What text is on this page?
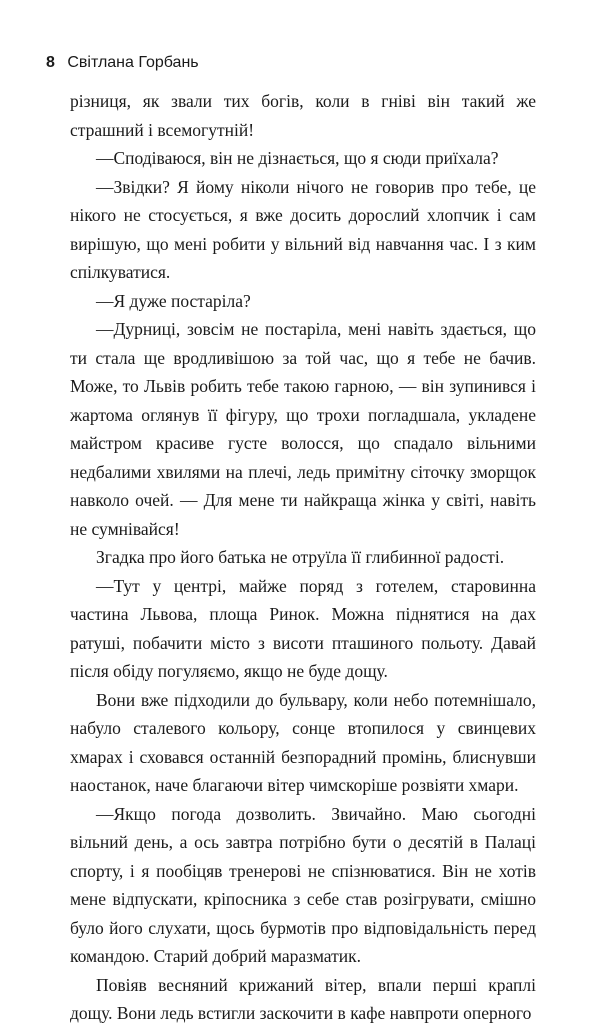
8 Світлана Горбань

різниця, як звали тих богів, коли в гніві він такий же страшний і всемогутній!

—Сподіваюся, він не дізнається, що я сюди приїхала?

—Звідки? Я йому ніколи нічого не говорив про тебе, це нікого не стосується, я вже досить дорослий хлопчик і сам вирішую, що мені робити у вільний від навчання час. І з ким спілкуватися.

—Я дуже постаріла?

—Дурниці, зовсім не постаріла, мені навіть здається, що ти стала ще вродливішою за той час, що я тебе не бачив. Може, то Львів робить тебе такою гарною, — він зупинився і жартома оглянув її фігуру, що трохи погладшала, укладене майстром красиве густе волосся, що спадало вільними недбалими хвилями на плечі, ледь примітну сіточку зморщок навколо очей. — Для мене ти найкраща жінка у світі, навіть не сумнівайся!

Згадка про його батька не отруїла її глибинної радості.

—Тут у центрі, майже поряд з готелем, старовинна частина Львова, площа Ринок. Можна піднятися на дах ратуші, побачити місто з висоти пташиного польоту. Давай після обіду погуляємо, якщо не буде дощу.

Вони вже підходили до бульвару, коли небо потемнішало, набуло сталевого кольору, сонце втопилося у свинцевих хмарах і сховався останній безпорадний промінь, блиснувши наостанок, наче благаючи вітер чимскоріше розвіяти хмари.

—Якщо погода дозволить. Звичайно. Маю сьогодні вільний день, а ось завтра потрібно бути о десятій в Палаці спорту, і я пообіцяв тренерові не спізнюватися. Він не хотів мене відпускати, кріпосника з себе став розігрувати, смішно було його слухати, щось бурмотів про відповідальність перед командою. Старий добрий маразматик.

Повіяв весняний крижаний вітер, впали перші краплі дощу. Вони ледь встигли заскочити в кафе навпроти оперного
